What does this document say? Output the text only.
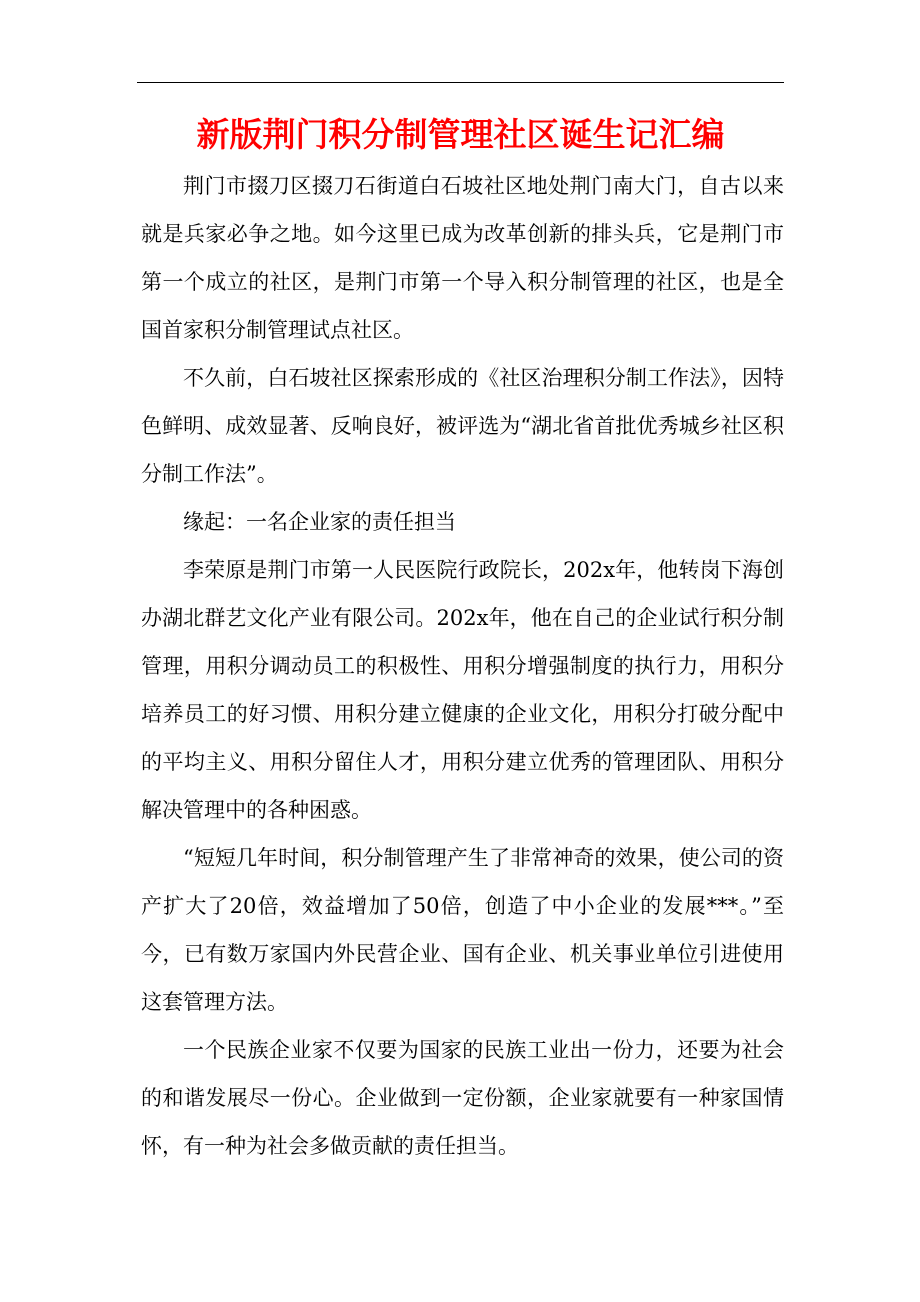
新版荆门积分制管理社区诞生记汇编

荆门市掇刀区掇刀石街道白石坡社区地处荆门南大门，自古以来就是兵家必争之地。如今这里已成为改革创新的排头兵，它是荆门市第一个成立的社区，是荆门市第一个导入积分制管理的社区，也是全国首家积分制管理试点社区。

不久前，白石坡社区探索形成的《社区治理积分制工作法》，因特色鲜明、成效显著、反响良好，被评选为“湖北省首批优秀城乡社区积分制工作法”。

缘起：一名企业家的责任担当

李荣原是荆门市第一人民医院行政院长，202x年，他转岗下海创办湖北群艺文化产业有限公司。202x年，他在自己的企业试行积分制管理，用积分调动员工的积极性、用积分增强制度的执行力，用积分培养员工的好习惯、用积分建立健康的企业文化，用积分打破分配中的平均主义、用积分留住人才，用积分建立优秀的管理团队、用积分解决管理中的各种困惑。

“短短几年时间，积分制管理产生了非常神奇的效果，使公司的资产扩大了20倍，效益增加了50倍，创造了中小企业的发展***。”至今，已有数万家国内外民营企业、国有企业、机关事业单位引进使用这套管理方法。

一个民族企业家不仅要为国家的民族工业出一份力，还要为社会的和谐发展尽一份心。企业做到一定份额，企业家就要有一种家国情怀，有一种为社会多做贡献的责任担当。
